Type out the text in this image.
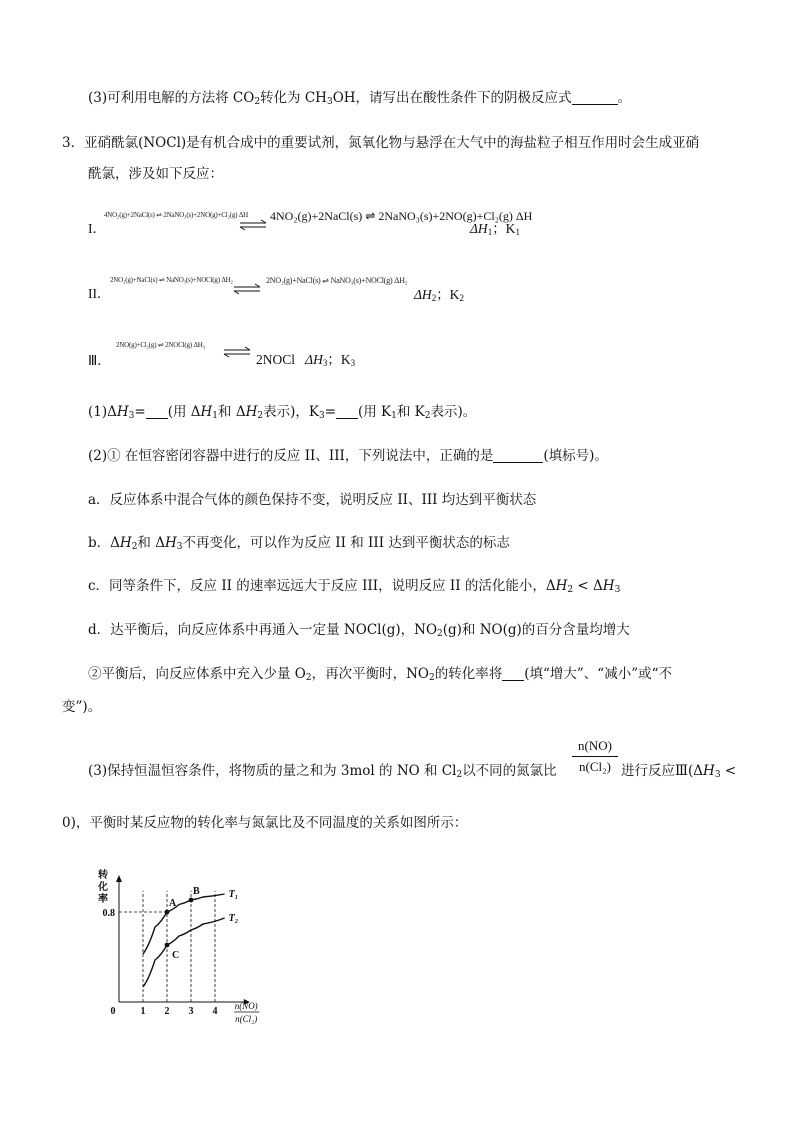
(3)可利用电解的方法将 $CO_2$转化为 $CH_3OH$，请写出在酸性条件下的阴极反应式	。
3．亚硝酰氯(NOCl)是有机合成中的重要试剂，氮氧化物与悬浮在大气中的海盐粒子相互作用时会生成亚硝
酰氯，涉及如下反应：
I．
4NO₂(g)+2NaCl(s) ⇌ 2NaNO₃(s)+2NO(g)+Cl₂(g) ΔH 4NO₂(g)+2NaCl(s) ⇌ 2NaNO₃(s)+2NO(g)+Cl₂(g) ΔH
$\Delta H_1$；$K_1$
II．
2NO₂(g)+NaCl(s) ⇌ NaNO₃(s)+NOCl(g) ΔH₂	2NO₂(g)+NaCl(s) ⇌ NaNO₃(s)+NOCl(g) ΔH₂
$\Delta H_2$；$K_2$
Ⅲ．
2NO(g)+Cl₂(g) ⇌ 2NOCl(g) ΔH₃
⇌ 2NOCl $\Delta H_3$；$K_3$
$(1)\Delta H_3=$ (用 $\Delta H_1$和 $\Delta H_2$表示)，$K_3=$ (用 $K_1$和 $K_2$表示)。
(2)① 在恒容密闭容器中进行的反应 II、III，下列说法中，正确的是	(填标号)。
a．反应体系中混合气体的颜色保持不变，说明反应 II、III 均达到平衡状态
b．$\Delta H_2$和 $\Delta H_3$不再变化，可以作为反应 II 和 III 达到平衡状态的标志
c．同等条件下，反应 II 的速率远远大于反应 III，说明反应 II 的活化能小，$\Delta H_2 < \Delta H_3$
d．达平衡后，向反应体系中再通入一定量 NOCl(g)，$NO_2(g)$和 NO(g)的百分含量均增大
②平衡后，向反应体系中充入少量 $O_2$，再次平衡时，$NO_2$的转化率将 (填“增大”、“减小”或“不
变”)。
(3)保持恒温恒容条件，将物质的量之和为 3mol 的 NO 和 $Cl_2$以不同的氮氯比 $\frac{n(NO)}{\text{n(Cl₂)}}$ 进行反应$Ⅲ(\Delta H_3$ <
0)，平衡时某反应物的转化率与氮氯比及不同温度的关系如图所示：
转
化
率
0	1 2 3 4
0.8
n(NO)
n(Cl₂)
T₁
T₂
A
B
C
